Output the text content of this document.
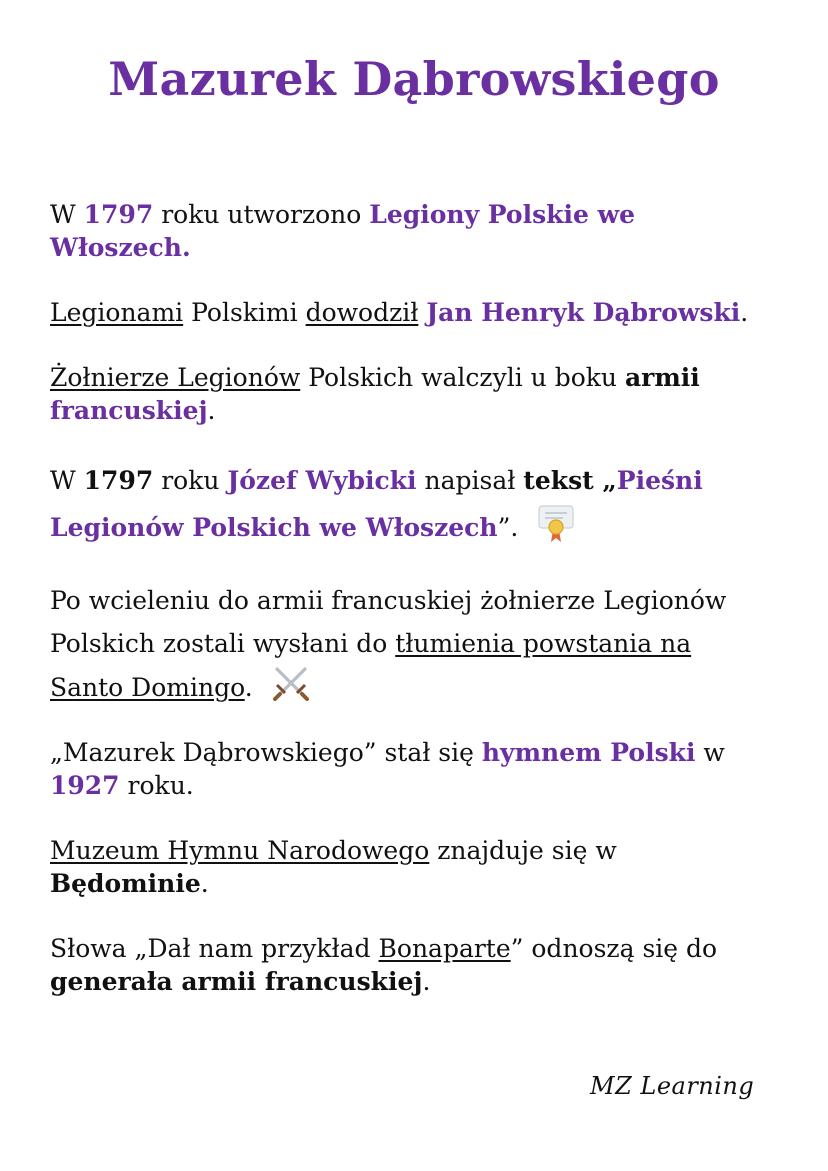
Mazurek Dąbrowskiego

W 1797 roku utworzono Legiony Polskie we Włoszech.

Legionami Polskimi dowodził Jan Henryk Dąbrowski.

Żołnierze Legionów Polskich walczyli u boku armii francuskiej.

W 1797 roku Józef Wybicki napisał tekst „Pieśni Legionów Polskich we Włoszech”.

Po wcieleniu do armii francuskiej żołnierze Legionów Polskich zostali wysłani do tłumienia powstania na Santo Domingo.

„Mazurek Dąbrowskiego” stał się hymnem Polski w 1927 roku.

Muzeum Hymnu Narodowego znajduje się w Będominie.

Słowa „Dał nam przykład Bonaparte” odnoszą się do generała armii francuskiej.

MZ Learning
